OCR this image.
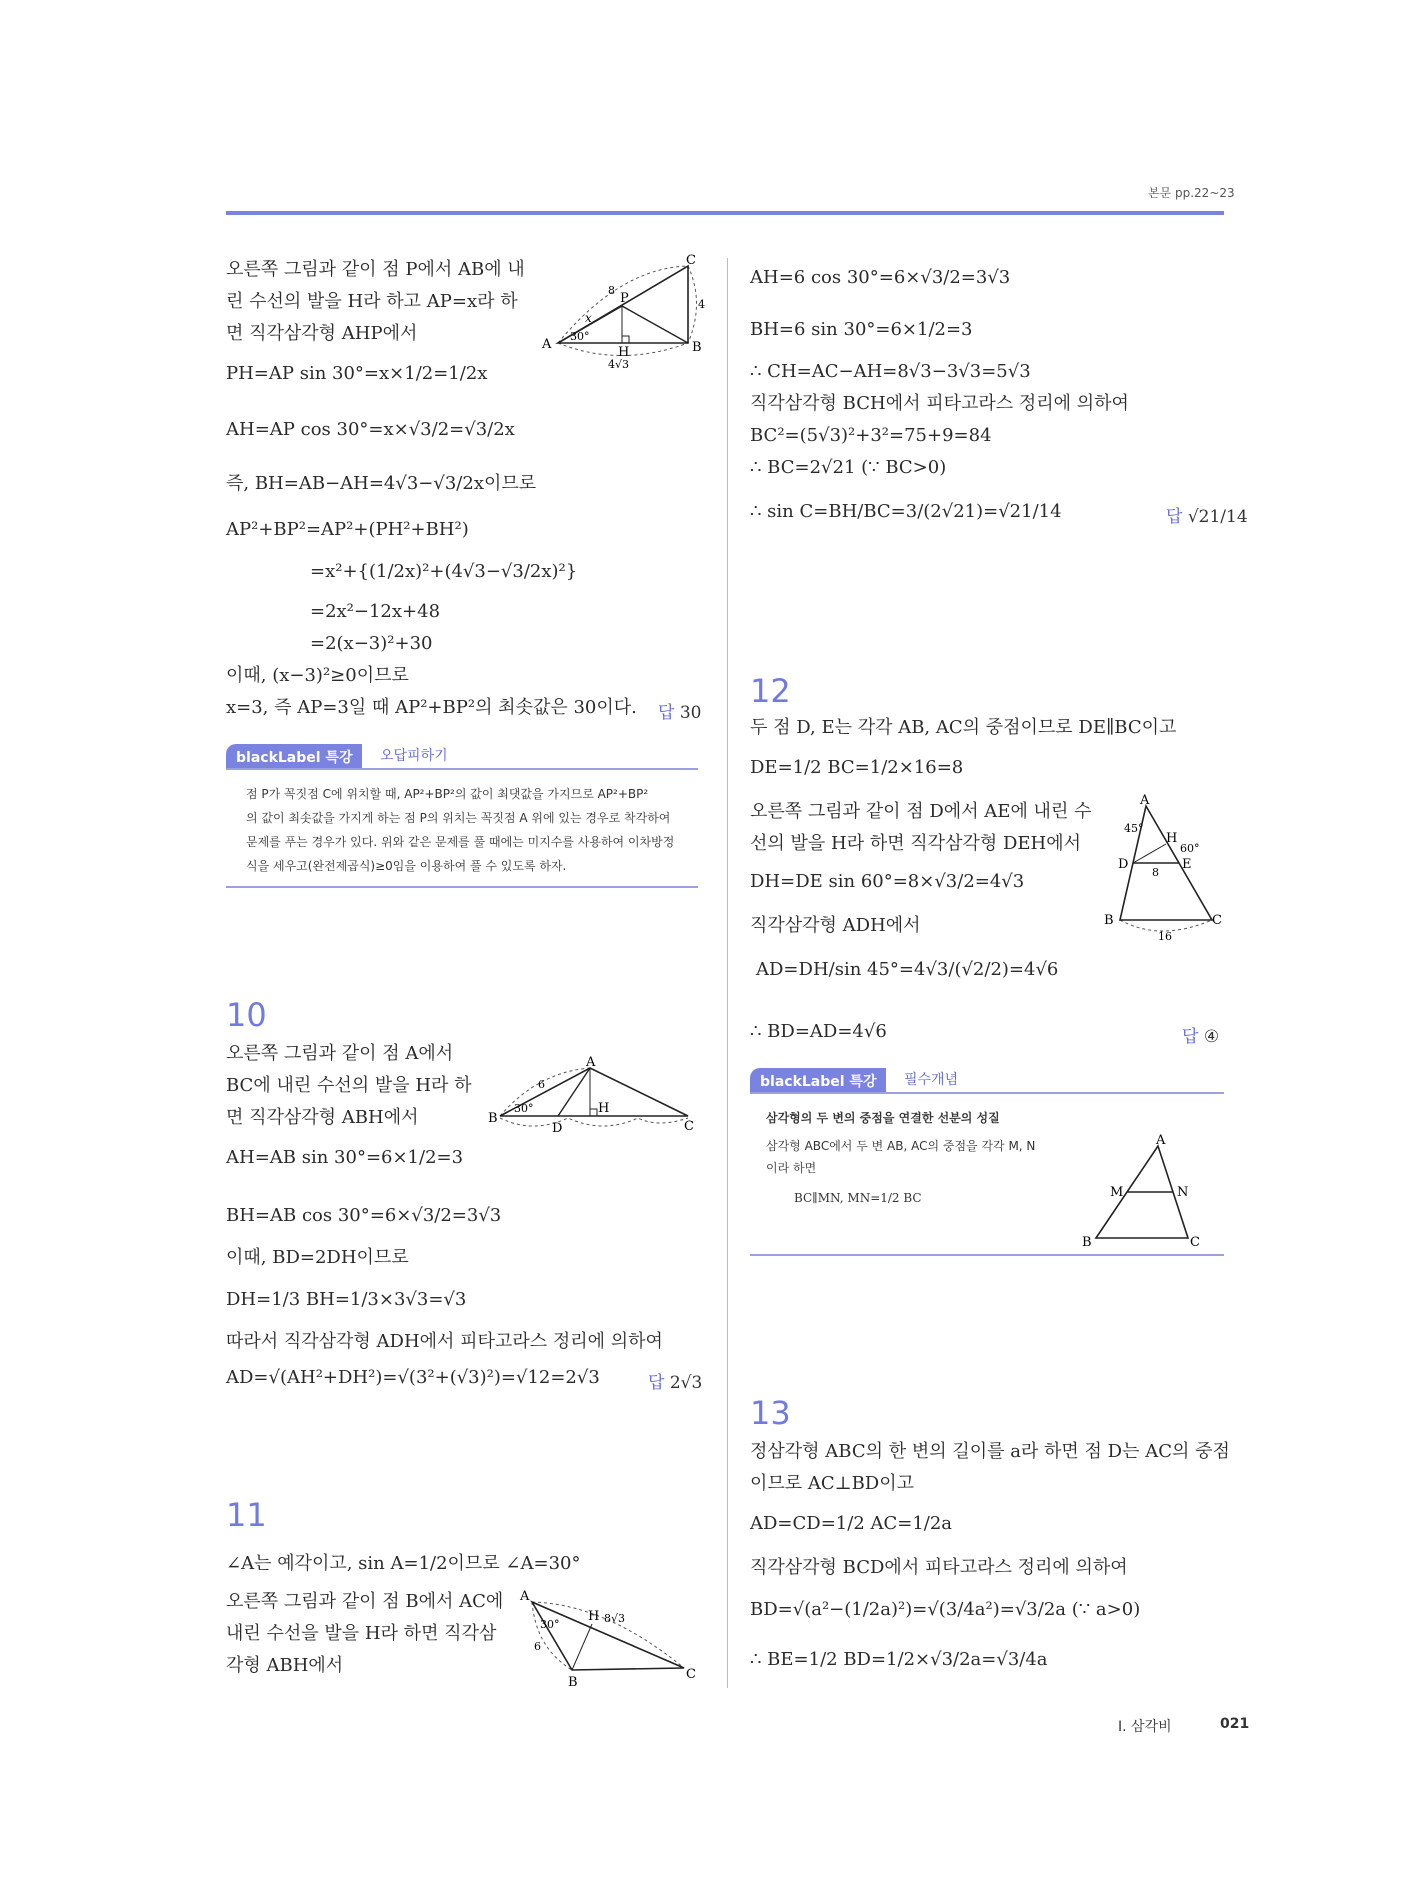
본문 pp.22~23
오른쪽 그림과 같이 점 P에서 AB에 내
린 수선의 발을 H라 하고 AP=x라 하
면 직각삼각형 AHP에서
PH=AP sin 30°=x×1/2=1/2x
AH=AP cos 30°=x×√3/2=√3/2x
즉, BH=AB−AH=4√3−√3/2x이므로
AP²+BP²=AP²+(PH²+BH²)
=x²+{(1/2x)²+(4√3−√3/2x)²}
=2x²−12x+48
=2(x−3)²+30
이때, (x−3)²≥0이므로
x=3, 즉 AP=3일 때 AP²+BP²의 최솟값은 30이다. 답 30
A	B
C
P
H
x
30°
4√3
8
4
blackLabel 특강	오답피하기
점 P가 꼭짓점 C에 위치할 때, AP²+BP²의 값이 최댓값을 가지므로 AP²+BP²
의 값이 최솟값을 가지게 하는 점 P의 위치는 꼭짓점 A 위에 있는 경우로 착각하여
문제를 푸는 경우가 있다. 위와 같은 문제를 풀 때에는 미지수를 사용하여 이차방정
식을 세우고(완전제곱식)≥0임을 이용하여 풀 수 있도록 하자.
10
오른쪽 그림과 같이 점 A에서
BC에 내린 수선의 발을 H라 하
면 직각삼각형 ABH에서
AH=AB sin 30°=6×1/2=3
BH=AB cos 30°=6×√3/2=3√3
이때, BD=2DH이므로
DH=1/3 BH=1/3×3√3=√3
따라서 직각삼각형 ADH에서 피타고라스 정리에 의하여
AD=√(AH²+DH²)=√(3²+(√3)²)=√12=2√3	답 2√3
B
A
C
D
H
30°
6
11
∠A는 예각이고, sin A=1/2이므로 ∠A=30°
오른쪽 그림과 같이 점 B에서 AC에
내린 수선을 발을 H라 하면 직각삼
각형 ABH에서
A
B
C
H
30°
6
8√3
AH=6 cos 30°=6×√3/2=3√3
BH=6 sin 30°=6×1/2=3
∴ CH=AC−AH=8√3−3√3=5√3
직각삼각형 BCH에서 피타고라스 정리에 의하여
BC²=(5√3)²+3²=75+9=84
∴ BC=2√21 (∵ BC>0)
∴ sin C=BH/BC=3/(2√21)=√21/14	답 √21/14
12
두 점 D, E는 각각 AB, AC의 중점이므로 DE∥BC이고
DE=1/2 BC=1/2×16=8
오른쪽 그림과 같이 점 D에서 AE에 내린 수
선의 발을 H라 하면 직각삼각형 DEH에서
DH=DE sin 60°=8×√3/2=4√3
직각삼각형 ADH에서
AD=DH/sin 45°=4√3/(√2/2)=4√6
∴ BD=AD=4√6	답 ④
A
B	C
D	E
H
45°
60°
8
16
blackLabel 특강	필수개념
삼각형의 두 변의 중점을 연결한 선분의 성질
삼각형 ABC에서 두 변 AB, AC의 중점을 각각 M, N
이라 하면
BC∥MN, MN=1/2 BC
A
B	C
M	N
13
정삼각형 ABC의 한 변의 길이를 a라 하면 점 D는 AC의 중점
이므로 AC⊥BD이고
AD=CD=1/2 AC=1/2a
직각삼각형 BCD에서 피타고라스 정리에 의하여
BD=√(a²−(1/2a)²)=√(3/4a²)=√3/2a (∵ a>0)
∴ BE=1/2 BD=1/2×√3/2a=√3/4a
Ⅰ. 삼각비	021
